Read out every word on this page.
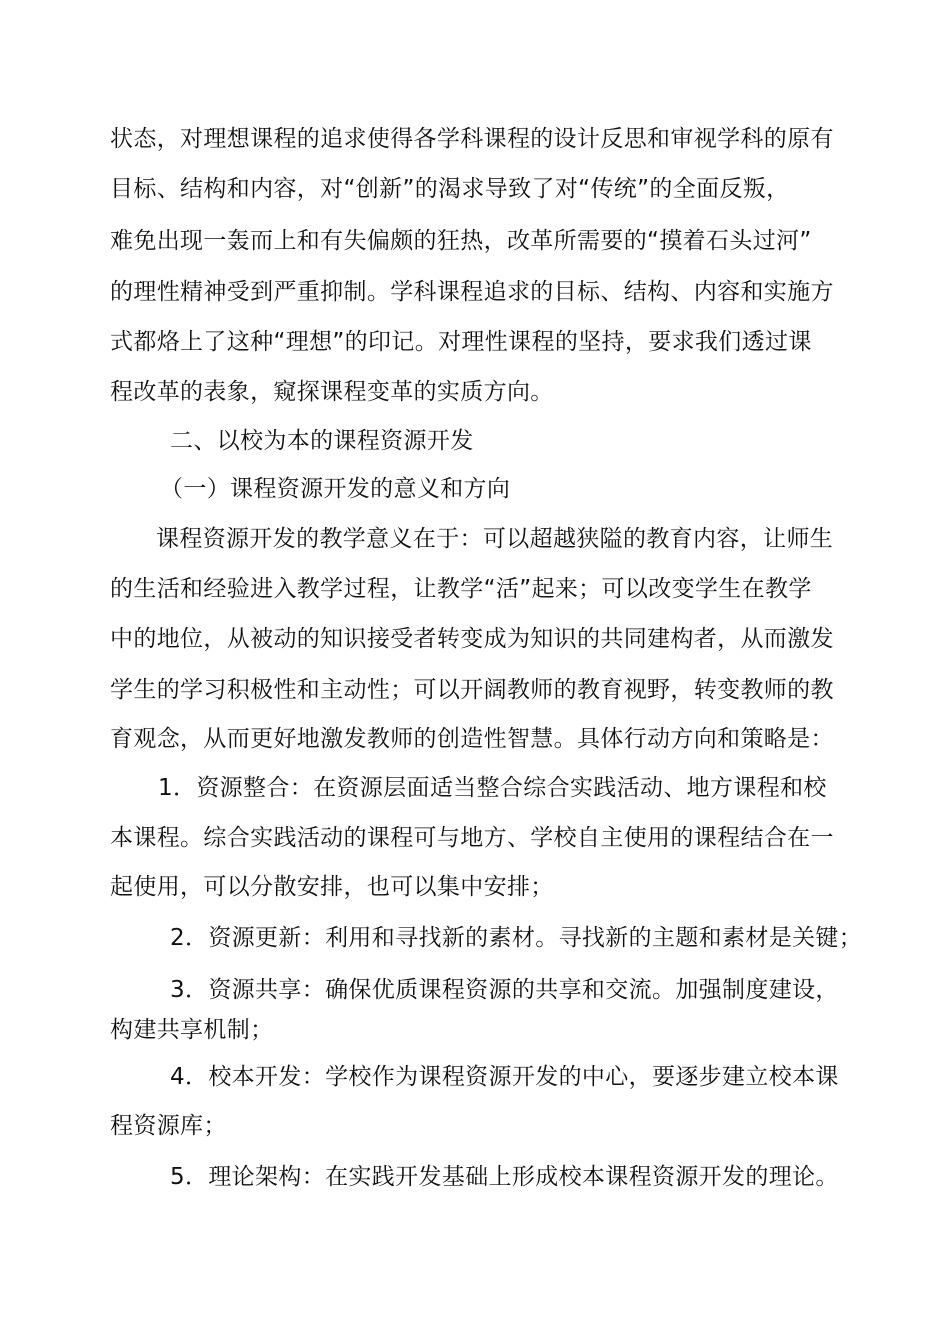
状态，对理想课程的追求使得各学科课程的设计反思和审视学科的原有
目标、结构和内容，对“创新”的渴求导致了对“传统”的全面反叛，
难免出现一轰而上和有失偏颇的狂热，改革所需要的“摸着石头过河”
的理性精神受到严重抑制。学科课程追求的目标、结构、内容和实施方
式都烙上了这种“理想”的印记。对理性课程的坚持，要求我们透过课
程改革的表象，窥探课程变革的实质方向。
二、以校为本的课程资源开发
（一）课程资源开发的意义和方向
课程资源开发的教学意义在于：可以超越狭隘的教育内容，让师生
的生活和经验进入教学过程，让教学“活”起来；可以改变学生在教学
中的地位，从被动的知识接受者转变成为知识的共同建构者，从而激发
学生的学习积极性和主动性；可以开阔教师的教育视野，转变教师的教
育观念，从而更好地激发教师的创造性智慧。具体行动方向和策略是：
1．资源整合：在资源层面适当整合综合实践活动、地方课程和校
本课程。综合实践活动的课程可与地方、学校自主使用的课程结合在一
起使用，可以分散安排，也可以集中安排；
2．资源更新：利用和寻找新的素材。寻找新的主题和素材是关键；
3．资源共享：确保优质课程资源的共享和交流。加强制度建设，
构建共享机制；
4．校本开发：学校作为课程资源开发的中心，要逐步建立校本课
程资源库；
5．理论架构：在实践开发基础上形成校本课程资源开发的理论。
